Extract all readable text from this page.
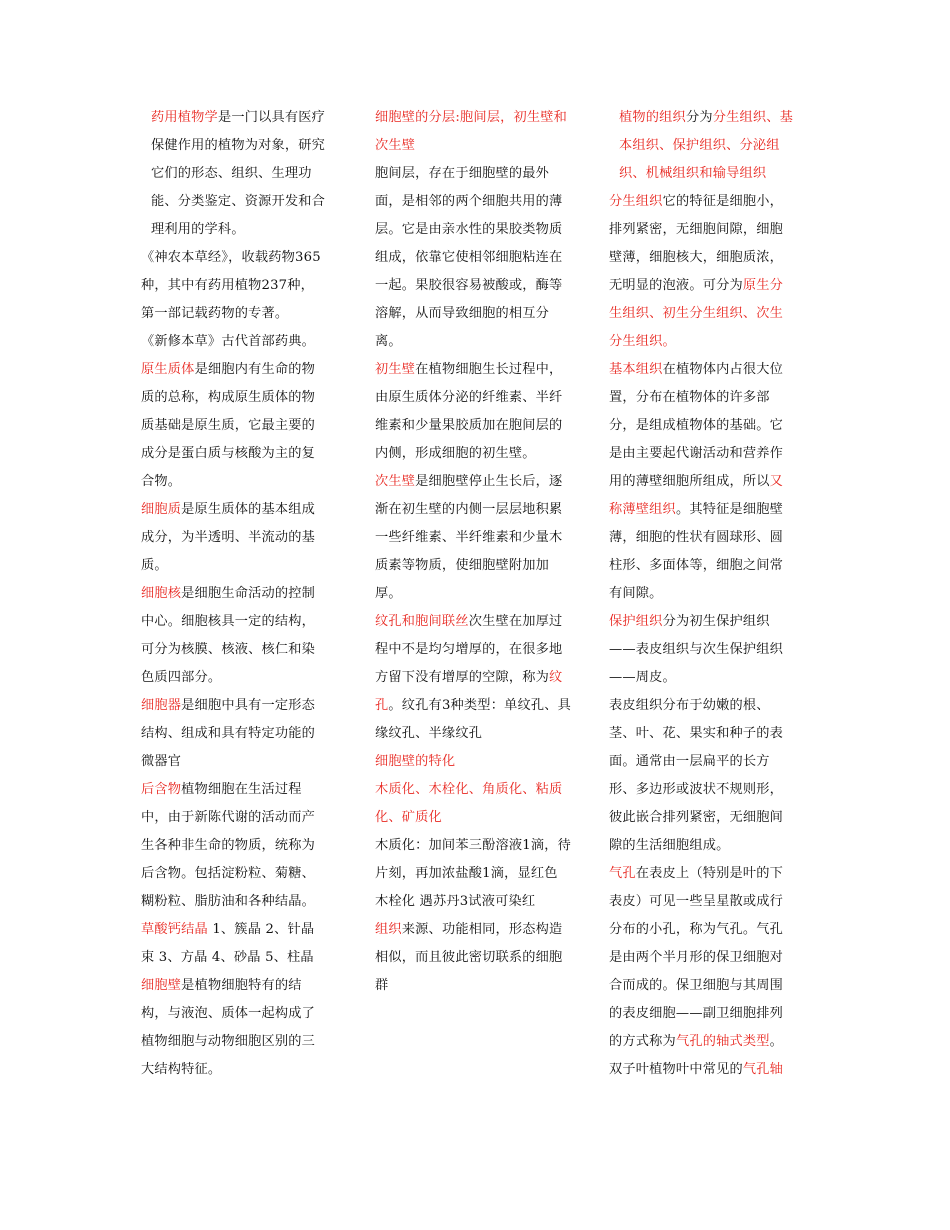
药用植物学是一门以具有医疗保健作用的植物为对象，研究它们的形态、组织、生理功能、分类鉴定、资源开发和合理利用的学科。

《神农本草经》，收载药物365种，其中有药用植物237种，第一部记载药物的专著。

《新修本草》古代首部药典。

原生质体是细胞内有生命的物质的总称，构成原生质体的物质基础是原生质，它最主要的成分是蛋白质与核酸为主的复合物。

细胞质是原生质体的基本组成成分，为半透明、半流动的基质。

细胞核是细胞生命活动的控制中心。细胞核具一定的结构，可分为核膜、核液、核仁和染色质四部分。

细胞器是细胞中具有一定形态结构、组成和具有特定功能的微器官

后含物植物细胞在生活过程中，由于新陈代谢的活动而产生各种非生命的物质，统称为后含物。包括淀粉粒、菊糖、糊粉粒、脂肪油和各种结晶。

草酸钙结晶 1、簇晶 2、针晶束 3、方晶 4、砂晶 5、柱晶

细胞壁是植物细胞特有的结构，与液泡、质体一起构成了植物细胞与动物细胞区别的三大结构特征。

细胞壁的分层:胞间层，初生壁和次生壁

胞间层，存在于细胞壁的最外面，是相邻的两个细胞共用的薄层。它是由亲水性的果胶类物质组成，依靠它使相邻细胞粘连在一起。果胶很容易被酸或，酶等溶解，从而导致细胞的相互分离。

初生壁在植物细胞生长过程中，由原生质体分泌的纤维素、半纤维素和少量果胶质加在胞间层的内侧，形成细胞的初生壁。

次生壁是细胞壁停止生长后，逐渐在初生壁的内侧一层层地积累一些纤维素、半纤维素和少量木质素等物质，使细胞壁附加加厚。

纹孔和胞间联丝次生壁在加厚过程中不是均匀增厚的，在很多地方留下没有增厚的空隙，称为纹孔。纹孔有3种类型：单纹孔、具缘纹孔、半缘纹孔

细胞壁的特化

木质化、木栓化、角质化、粘质化、矿质化

木质化：加间苯三酚溶液1滴，待片刻，再加浓盐酸1滴，显红色

木栓化 遇苏丹3试液可染红

组织来源、功能相同，形态构造相似，而且彼此密切联系的细胞群

植物的组织分为分生组织、基本组织、保护组织、分泌组织、机械组织和输导组织

分生组织它的特征是细胞小，排列紧密，无细胞间隙，细胞壁薄，细胞核大，细胞质浓，无明显的泡液。可分为原生分生组织、初生分生组织、次生分生组织。

基本组织在植物体内占很大位置，分布在植物体的许多部分，是组成植物体的基础。它是由主要起代谢活动和营养作用的薄壁细胞所组成，所以又称薄壁组织。其特征是细胞壁薄，细胞的性状有圆球形、圆柱形、多面体等，细胞之间常有间隙。

保护组织分为初生保护组织——表皮组织与次生保护组织——周皮。

表皮组织分布于幼嫩的根、茎、叶、花、果实和种子的表面。通常由一层扁平的长方形、多边形或波状不规则形，彼此嵌合排列紧密，无细胞间隙的生活细胞组成。

气孔在表皮上（特别是叶的下表皮）可见一些呈星散或成行分布的小孔，称为气孔。气孔是由两个半月形的保卫细胞对合而成的。保卫细胞与其周围的表皮细胞——副卫细胞排列的方式称为气孔的轴式类型。

双子叶植物叶中常见的气孔轴
